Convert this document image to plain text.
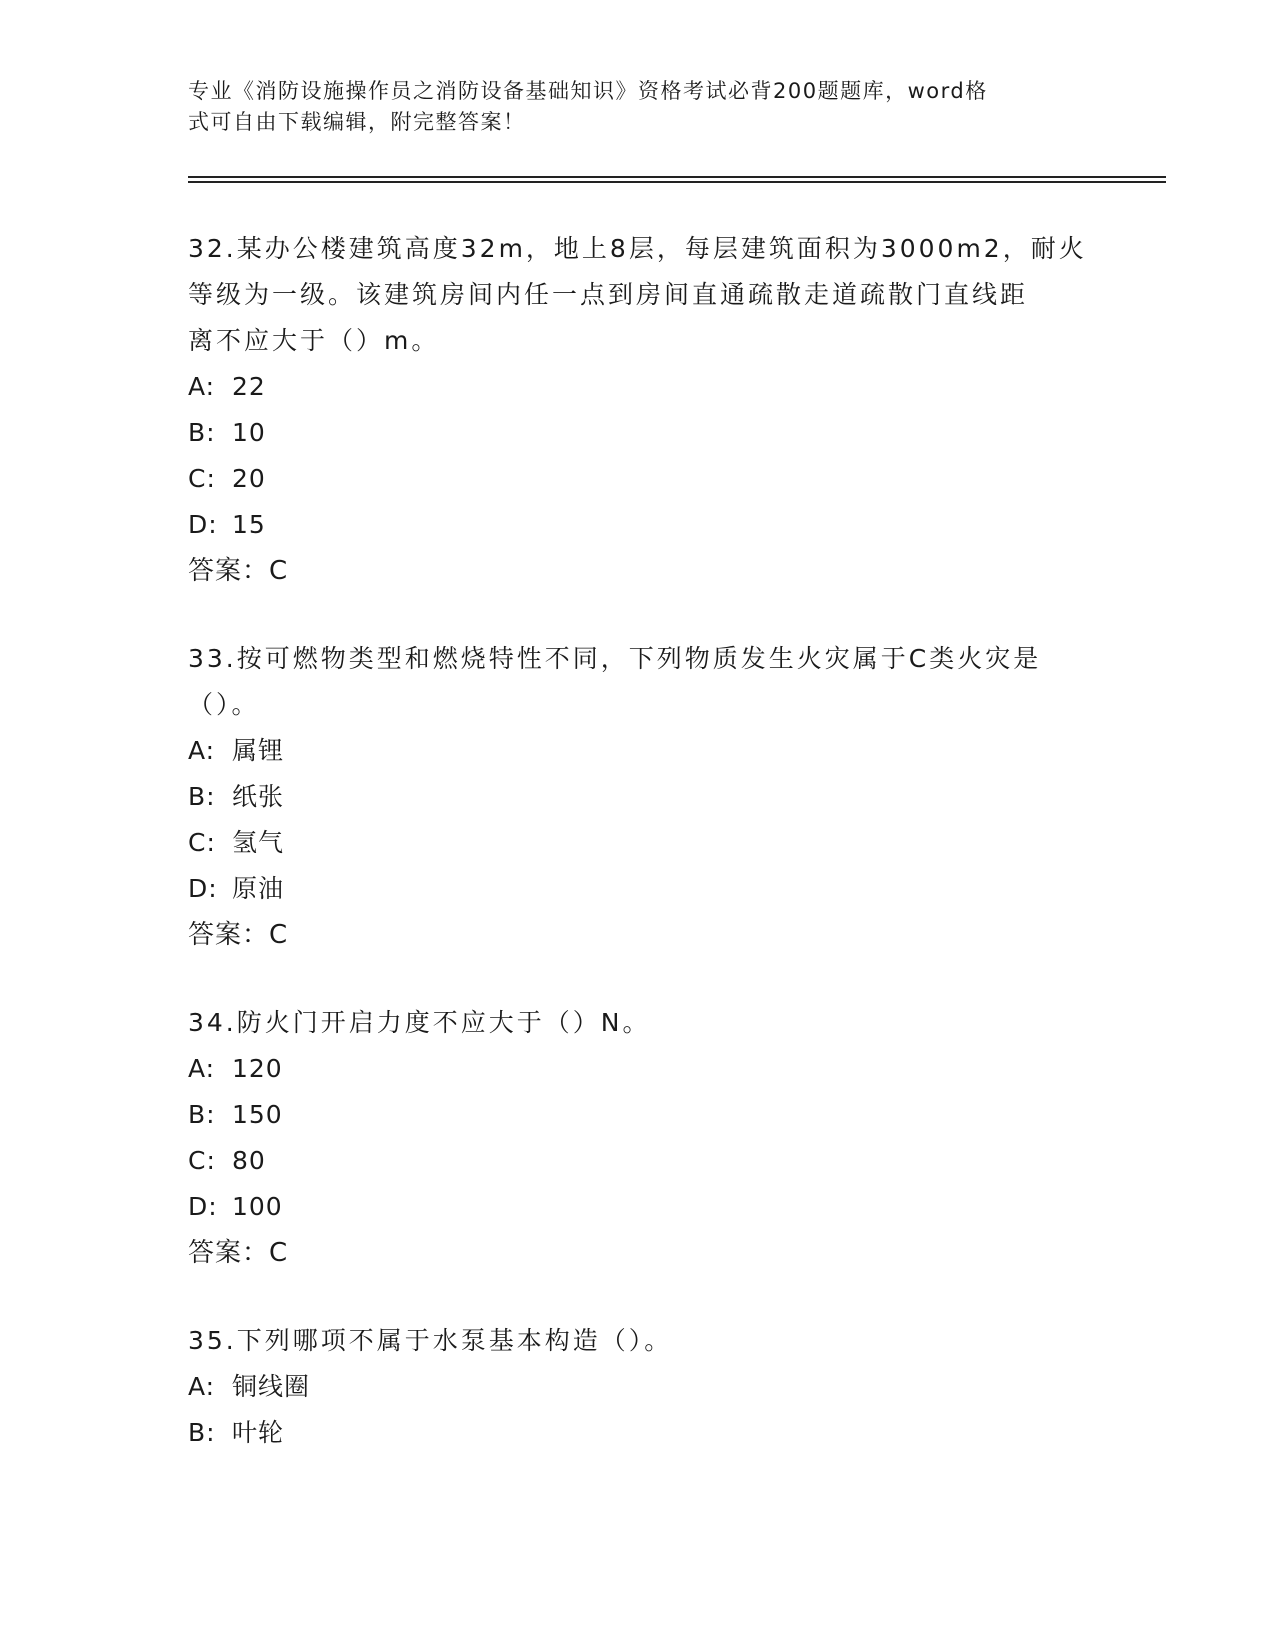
专业《消防设施操作员之消防设备基础知识》资格考试必背200题题库，word格
式可自由下载编辑，附完整答案！
32.某办公楼建筑高度32m，地上8层，每层建筑面积为3000m2，耐火
等级为一级。该建筑房间内任一点到房间直通疏散走道疏散门直线距
离不应大于（）m。
A: 22
B: 10
C: 20
D: 15
答案：C
33.按可燃物类型和燃烧特性不同，下列物质发生火灾属于C类火灾是
（）。
A: 属锂
B: 纸张
C: 氢气
D: 原油
答案：C
34.防火门开启力度不应大于（）N。
A: 120
B: 150
C: 80
D: 100
答案：C
35.下列哪项不属于水泵基本构造（）。
A: 铜线圈
B: 叶轮
